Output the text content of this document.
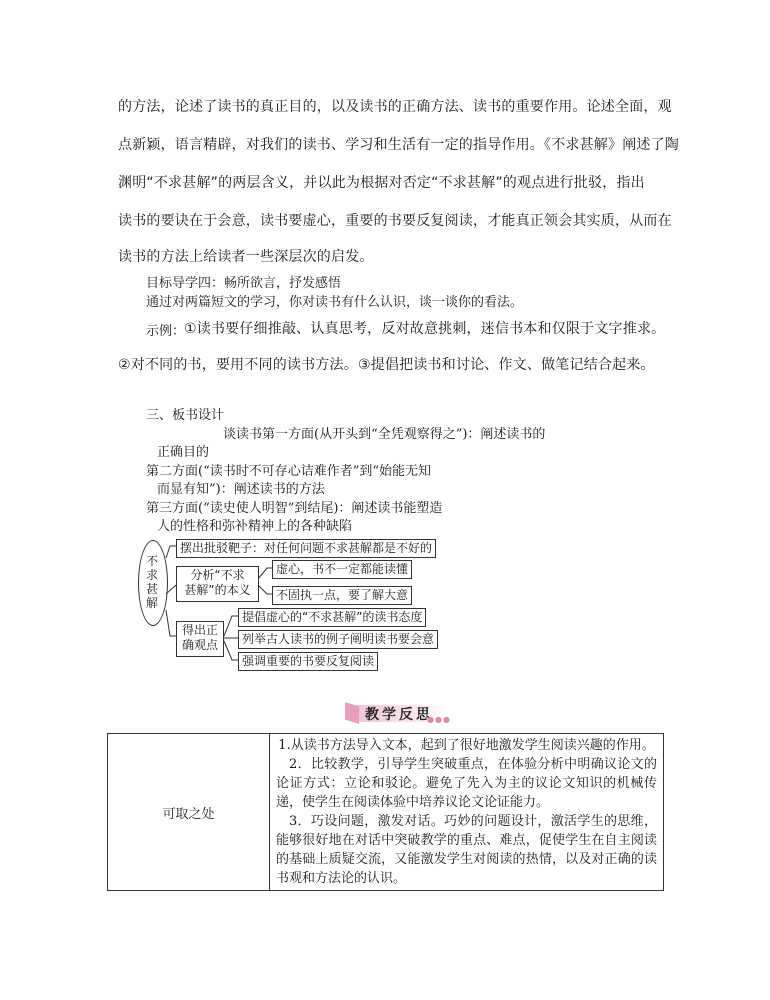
的方法，论述了读书的真正目的，以及读书的正确方法、读书的重要作用。论述全面，观
点新颖，语言精辟，对我们的读书、学习和生活有一定的指导作用。《不求甚解》阐述了陶
渊明“不求甚解”的两层含义，并以此为根据对否定“不求甚解”的观点进行批驳，指出
读书的要诀在于会意，读书要虚心，重要的书要反复阅读，才能真正领会其实质，从而在
读书的方法上给读者一些深层次的启发。
目标导学四：畅所欲言，抒发感悟
通过对两篇短文的学习，你对读书有什么认识，谈一谈你的看法。
示例：
①读书要仔细推敲、认真思考，反对故意挑刺，迷信书本和仅限于文字推求。
②对不同的书，要用不同的读书方法。③提倡把读书和讨论、作文、做笔记结合起来。
三、板书设计
谈读书第一方面(从开头到“全凭观察得之”)：阐述读书的
正确目的
第二方面(“读书时不可存心诘难作者”到“始能无知
而显有知”)：阐述读书的方法
第三方面(“读史使人明智”到结尾)：阐述读书能塑造
人的性格和弥补精神上的各种缺陷
不
求
甚
解
摆出批驳靶子：对任何问题不求甚解都是不好的
分析“不求
甚解”的本义
虚心，书不一定都能读懂
不固执一点，要了解大意
得出正
确观点
提倡虚心的“不求甚解”的读书态度
列举古人读书的例子阐明读书要会意
强调重要的书要反复阅读
教学反思
●●●
可取之处	

1.从读书方法导入文本，起到了很好地激发学生阅读兴趣的作用。

2．比较教学，引导学生突破重点，在体验分析中明确议论文的论证方式：立论和驳论。避免了先入为主的议论文知识的机械传递，使学生在阅读体验中培养议论文论证能力。

3．巧设问题，激发对话。巧妙的问题设计，激活学生的思维，能够很好地在对话中突破教学的重点、难点，促使学生在自主阅读的基础上质疑交流，又能激发学生对阅读的热情，以及对正确的读书观和方法论的认识。
